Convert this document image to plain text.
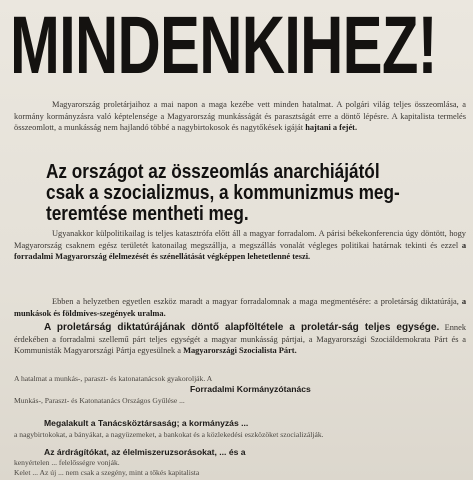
MINDENKIHEZ!
Magyarország proletárjaihoz a mai napon a maga kezébe vett minden hatalmat. A polgári világ teljes összeomlása, a kormány kormányzásra való képtelensége a Magyarország munkásságát és parasztságát erre a döntő lépésre. A kapitalista termelés összeomlott, a munkásság nem hajlandó többé a nagybirtokosok és nagytőkések igáját hajtani a fejét.
Az országot az összeomlás anarchiájától
csak a szocializmus, a kommunizmus meg-
teremtése mentheti meg.
Ugyanakkor külpolitikailag is teljes katasztrófa előtt áll a magyar forradalom. A párisi békekonferencia úgy döntött, hogy Magyarország csaknem egész területét katonailag megszállja, a megszállás vonalát végleges politikai határnak tekinti és ezzel a forradalmi Magyarország élelmezését és szénellátását végképpen lehetetlenné teszi.
Ebben a helyzetben egyetlen eszköz maradt a magyar forradalomnak a maga megmentésére: a proletárság diktatúrája, a munkások és földmíves-szegények uralma.
A proletárság diktatúrájának döntő alapföltétele a proletár-ság teljes egysége. Ennek érdekében a forradalmi szellemű párt teljes egységét a magyar munkásság pártjai, a Magyarországi Szociáldemokrata Párt és a Kommunisták Magyarországi Pártja egyesülnek a Magyarországi Szocialista Párt.
A hatalmat a munkás-, paraszt- és katonatanácsok gyakorolják. A
Forradalmi Kormányzótanács
Munkás-, Paraszt- és Katonatanács Országos Gyűlése ...
Megalakult a Tanácsköztársaság; a kormányzás ...
a nagybirtokokat, a bányákat, a nagyüzemeket, a bankokat és a közlekedési eszközöket szocializálják.
Az árdrágítókat, az élelmiszeruzsorásokat, ... és a
kenyértelen ... felelősségre vonják.
Kelet ... Az új ... nem csak a szegény, mint a tőkés kapitalista
